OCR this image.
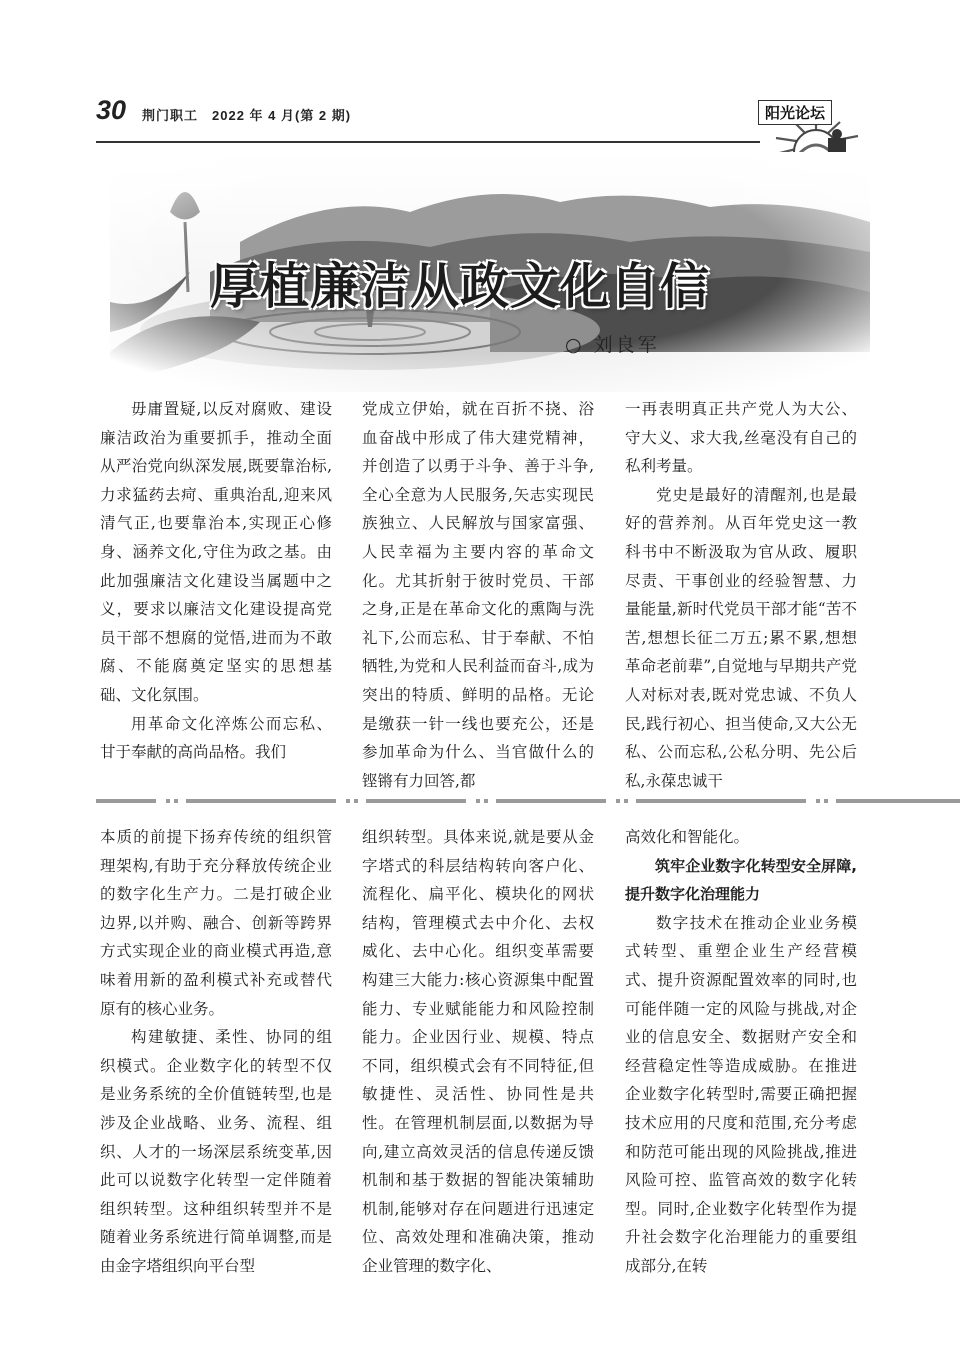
30 荆门职工　2022 年 4 月(第 2 期)	阳光论坛
厚植廉洁从政文化自信
○ 刘良军

毋庸置疑,以反对腐败、建设廉洁政治为重要抓手，推动全面从严治党向纵深发展,既要靠治标,力求猛药去疴、重典治乱,迎来风清气正,也要靠治本,实现正心修身、涵养文化,守住为政之基。由此加强廉洁文化建设当属题中之义，要求以廉洁文化建设提高党员干部不想腐的觉悟,进而为不敢腐、不能腐奠定坚实的思想基础、文化氛围。

用革命文化淬炼公而忘私、甘于奉献的高尚品格。我们

党成立伊始，就在百折不挠、浴血奋战中形成了伟大建党精神，并创造了以勇于斗争、善于斗争,全心全意为人民服务,矢志实现民族独立、人民解放与国家富强、人民幸福为主要内容的革命文化。尤其折射于彼时党员、干部之身,正是在革命文化的熏陶与洗礼下,公而忘私、甘于奉献、不怕牺牲,为党和人民利益而奋斗,成为突出的特质、鲜明的品格。无论是缴获一针一线也要充公，还是参加革命为什么、当官做什么的铿锵有力回答,都

一再表明真正共产党人为大公、守大义、求大我,丝毫没有自己的私利考量。

党史是最好的清醒剂,也是最好的营养剂。从百年党史这一教科书中不断汲取为官从政、履职尽责、干事创业的经验智慧、力量能量,新时代党员干部才能“苦不苦,想想长征二万五;累不累,想想革命老前辈”,自觉地与早期共产党人对标对表,既对党忠诚、不负人民,践行初心、担当使命,又大公无私、公而忘私,公私分明、先公后私,永葆忠诚干

本质的前提下扬弃传统的组织管理架构,有助于充分释放传统企业的数字化生产力。二是打破企业边界,以并购、融合、创新等跨界方式实现企业的商业模式再造,意味着用新的盈利模式补充或替代原有的核心业务。

构建敏捷、柔性、协同的组织模式。企业数字化的转型不仅是业务系统的全价值链转型,也是涉及企业战略、业务、流程、组织、人才的一场深层系统变革,因此可以说数字化转型一定伴随着组织转型。这种组织转型并不是随着业务系统进行简单调整,而是由金字塔组织向平台型

组织转型。具体来说,就是要从金字塔式的科层结构转向客户化、流程化、扁平化、模块化的网状结构，管理模式去中介化、去权威化、去中心化。组织变革需要构建三大能力:核心资源集中配置能力、专业赋能能力和风险控制能力。企业因行业、规模、特点不同，组织模式会有不同特征,但敏捷性、灵活性、协同性是共性。在管理机制层面,以数据为导向,建立高效灵活的信息传递反馈机制和基于数据的智能决策辅助机制,能够对存在问题进行迅速定位、高效处理和准确决策，推动企业管理的数字化、

高效化和智能化。

筑牢企业数字化转型安全屏障,提升数字化治理能力

数字技术在推动企业业务模式转型、重塑企业生产经营模式、提升资源配置效率的同时,也可能伴随一定的风险与挑战,对企业的信息安全、数据财产安全和经营稳定性等造成威胁。在推进企业数字化转型时,需要正确把握技术应用的尺度和范围,充分考虑和防范可能出现的风险挑战,推进风险可控、监管高效的数字化转型。同时,企业数字化转型作为提升社会数字化治理能力的重要组成部分,在转
